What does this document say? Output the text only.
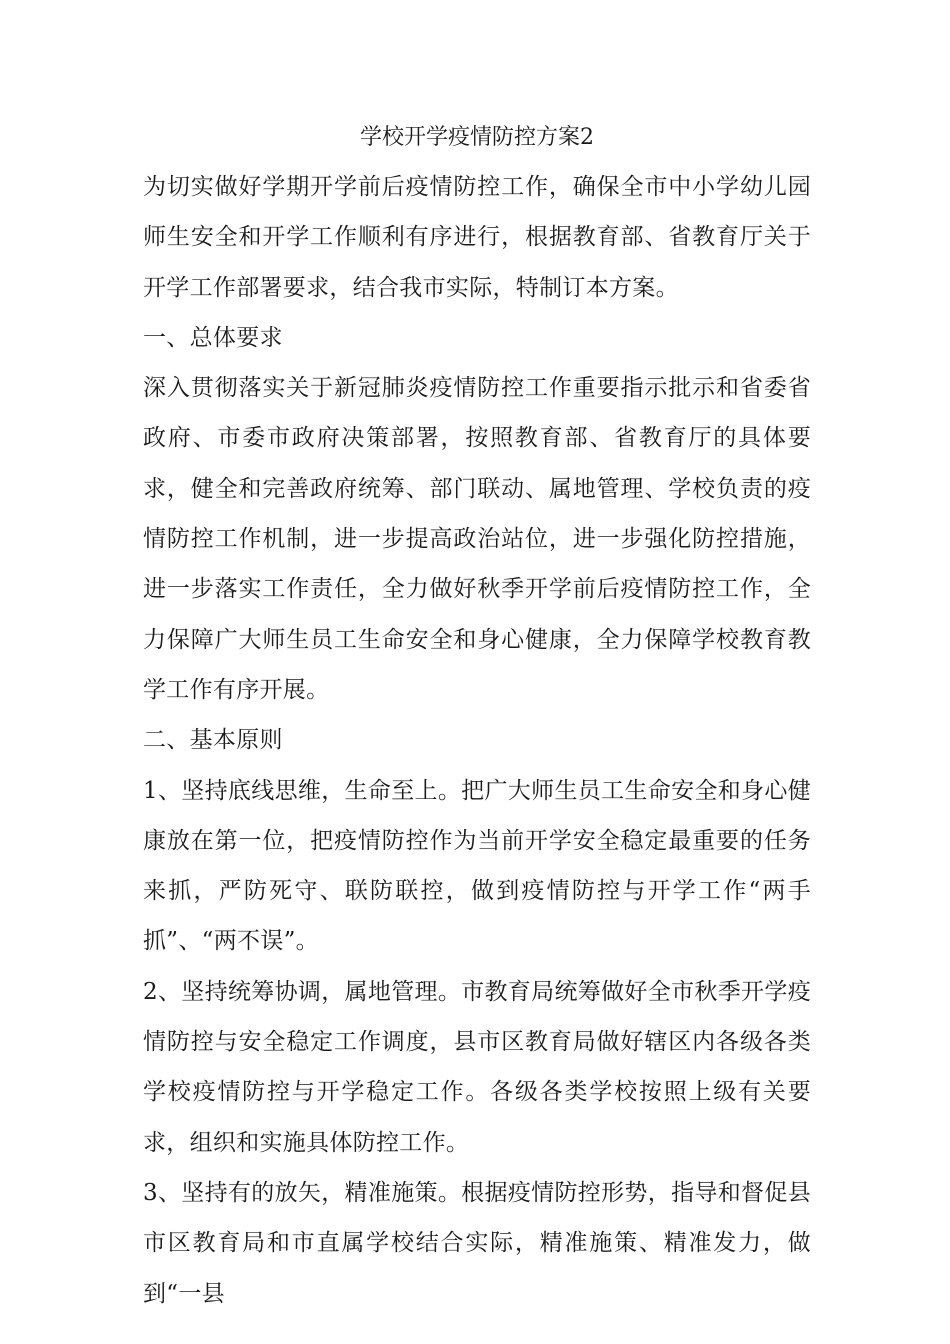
学校开学疫情防控方案2

为切实做好学期开学前后疫情防控工作，确保全市中小学幼儿园师生安全和开学工作顺利有序进行，根据教育部、省教育厅关于开学工作部署要求，结合我市实际，特制订本方案。

一、总体要求

深入贯彻落实关于新冠肺炎疫情防控工作重要指示批示和省委省政府、市委市政府决策部署，按照教育部、省教育厅的具体要求，健全和完善政府统筹、部门联动、属地管理、学校负责的疫情防控工作机制，进一步提高政治站位，进一步强化防控措施，进一步落实工作责任，全力做好秋季开学前后疫情防控工作，全力保障广大师生员工生命安全和身心健康，全力保障学校教育教学工作有序开展。

二、基本原则

1、坚持底线思维，生命至上。把广大师生员工生命安全和身心健康放在第一位，把疫情防控作为当前开学安全稳定最重要的任务来抓，严防死守、联防联控，做到疫情防控与开学工作“两手抓”、“两不误”。

2、坚持统筹协调，属地管理。市教育局统筹做好全市秋季开学疫情防控与安全稳定工作调度，县市区教育局做好辖区内各级各类学校疫情防控与开学稳定工作。各级各类学校按照上级有关要求，组织和实施具体防控工作。

3、坚持有的放矢，精准施策。根据疫情防控形势，指导和督促县市区教育局和市直属学校结合实际，精准施策、精准发力，做到“一县
